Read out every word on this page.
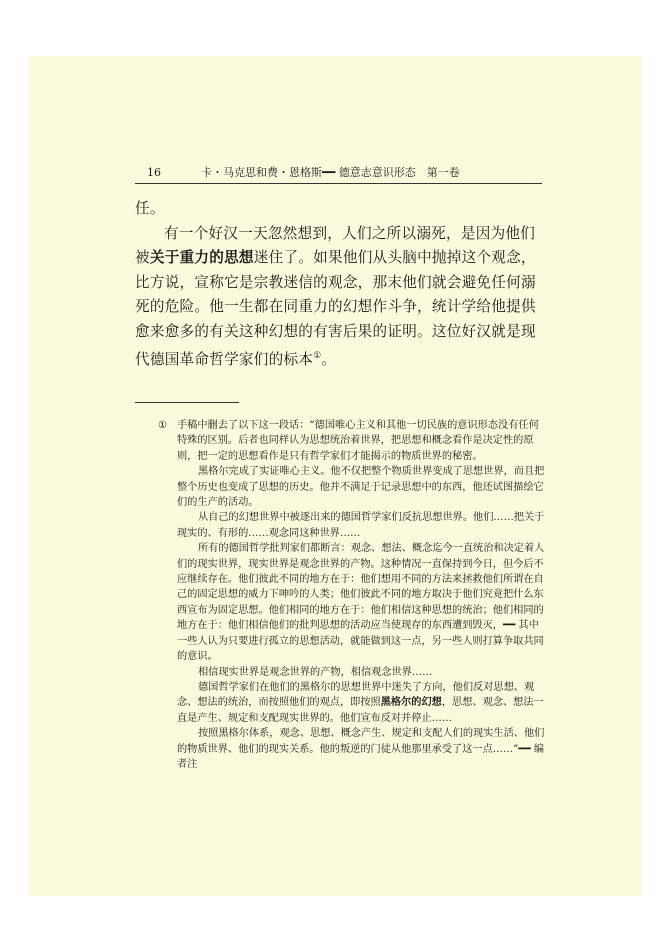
16	卡・马克思和费・恩格斯━━ 德意志意识形态　第一卷

任。

有一个好汉一天忽然想到，人们之所以溺死，是因为他们被关于重力的思想迷住了。如果他们从头脑中抛掉这个观念，比方说，宣称它是宗教迷信的观念，那末他们就会避免任何溺死的危险。他一生都在同重力的幻想作斗争，统计学给他提供愈来愈多的有关这种幻想的有害后果的证明。这位好汉就是现代德国革命哲学家们的标本①。

① 手稿中删去了以下这一段话：“德国唯心主义和其他一切民族的意识形态没有任何特殊的区别。后者也同样认为思想统治着世界，把思想和概念看作是决定性的原则，把一定的思想看作是只有哲学家们才能揭示的物质世界的秘密。

黑格尔完成了实证唯心主义。他不仅把整个物质世界变成了思想世界，而且把整个历史也变成了思想的历史。他并不满足于记录思想中的东西，他还试图描绘它们的生产的活动。

从自己的幻想世界中被逐出来的德国哲学家们反抗思想世界。他们……把关于现实的、有形的……观念同这种世界……

所有的德国哲学批判家们都断言：观念、想法、概念迄今一直统治和决定着人们的现实世界，现实世界是观念世界的产物。这种情况一直保持到今日，但今后不应继续存在。他们彼此不同的地方在于：他们想用不同的方法来拯救他们所谓在自己的固定思想的威力下呻吟的人类；他们彼此不同的地方取决于他们究竟把什么东西宣布为固定思想。他们相同的地方在于：他们相信这种思想的统治；他们相同的地方在于：他们相信他们的批判思想的活动应当使现存的东西遭到毁灭，━━ 其中一些人认为只要进行孤立的思想活动，就能做到这一点，另一些人则打算争取共同的意识。

相信现实世界是观念世界的产物，相信观念世界……

德国哲学家们在他们的黑格尔的思想世界中迷失了方向，他们反对思想、观念、想法的统治，而按照他们的观点，即按照黑格尔的幻想，思想、观念、想法一直是产生、规定和支配现实世界的。他们宣布反对并停止……

按照黑格尔体系，观念、思想、概念产生、规定和支配人们的现实生活、他们的物质世界、他们的现实关系。他的叛逆的门徒从他那里承受了这一点……”━━ 编者注
